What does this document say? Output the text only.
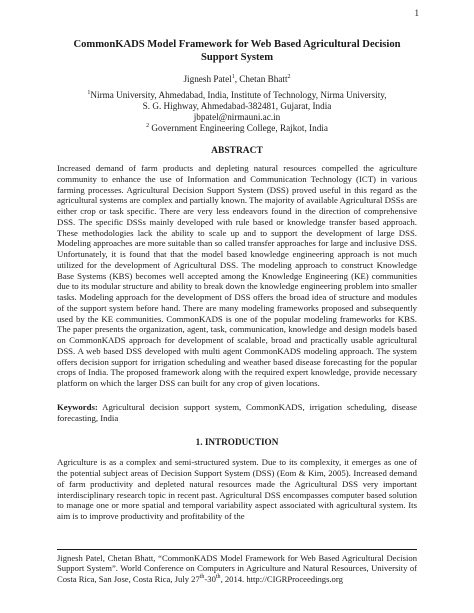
1
CommonKADS Model Framework for Web Based Agricultural Decision Support System

Jignesh Patel$^1$, Chetan Bhatt$^2$

$^1$Nirma University, Ahmedabad, India, Institute of Technology, Nirma University,
S. G. Highway, Ahmedabad-382481, Gujarat, India
jbpatel@nirmauni.ac.in
$^2$ Government Engineering College, Rajkot, India

ABSTRACT

Increased demand of farm products and depleting natural resources compelled the agriculture community to enhance the use of Information and Communication Technology (ICT) in various farming processes. Agricultural Decision Support System (DSS) proved useful in this regard as the agricultural systems are complex and partially known. The majority of available Agricultural DSSs are either crop or task specific. There are very less endeavors found in the direction of comprehensive DSS. The specific DSSs mainly developed with rule based or knowledge transfer based approach. These methodologies lack the ability to scale up and to support the development of large DSS. Modeling approaches are more suitable than so called transfer approaches for large and inclusive DSS. Unfortunately, it is found that that the model based knowledge engineering approach is not much utilized for the development of Agricultural DSS. The modeling approach to construct Knowledge Base Systems (KBS) becomes well accepted among the Knowledge Engineering (KE) communities due to its modular structure and ability to break down the knowledge engineering problem into smaller tasks. Modeling approach for the development of DSS offers the broad idea of structure and modules of the support system before hand. There are many modeling frameworks proposed and subsequently used by the KE communities. CommonKADS is one of the popular modeling frameworks for KBS. The paper presents the organization, agent, task, communication, knowledge and design models based on CommonKADS approach for development of scalable, broad and practically usable agricultural DSS. A web based DSS developed with multi agent CommonKADS modeling approach. The system offers decision support for irrigation scheduling and weather based disease forecasting for the popular crops of India. The proposed framework along with the required expert knowledge, provide necessary platform on which the larger DSS can built for any crop of given locations.

Keywords: Agricultural decision support system, CommonKADS, irrigation scheduling, disease forecasting, India

1. INTRODUCTION

Agriculture is as a complex and semi-structured system. Due to its complexity, it emerges as one of the potential subject areas of Decision Support System (DSS) (Eom & Kim, 2005). Increased demand of farm productivity and depleted natural resources made the Agricultural DSS very important interdisciplinary research topic in recent past. Agricultural DSS encompasses computer based solution to manage one or more spatial and temporal variability aspect associated with agricultural system. Its aim is to improve productivity and profitability of the

Jignesh Patel, Chetan Bhatt, “CommonKADS Model Framework for Web Based Agricultural Decision Support System”. World Conference on Computers in Agriculture and Natural Resources, University of Costa Rica, San Jose, Costa Rica, July 27th-30th, 2014. http://CIGRProceedings.org
